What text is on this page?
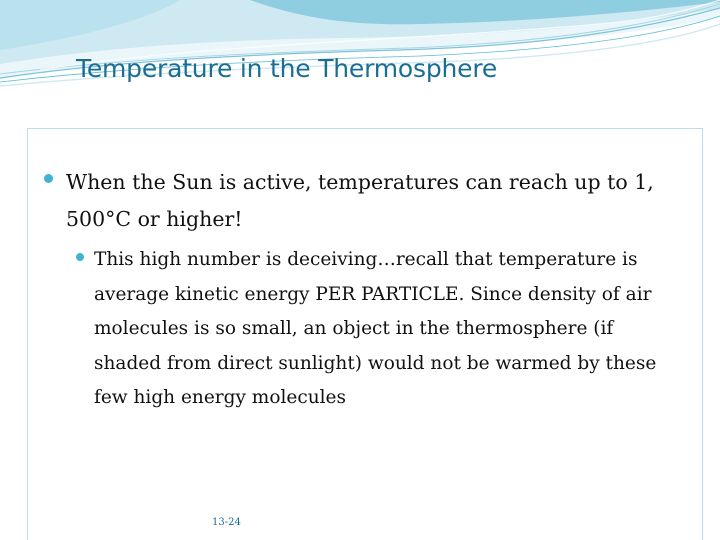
Temperature in the Thermosphere
When the Sun is active, temperatures can reach up to 1, 500°C or higher!
This high number is deceiving…recall that temperature is average kinetic energy PER PARTICLE. Since density of air molecules is so small, an object in the thermosphere (if shaded from direct sunlight) would not be warmed by these few high energy molecules
13-24
